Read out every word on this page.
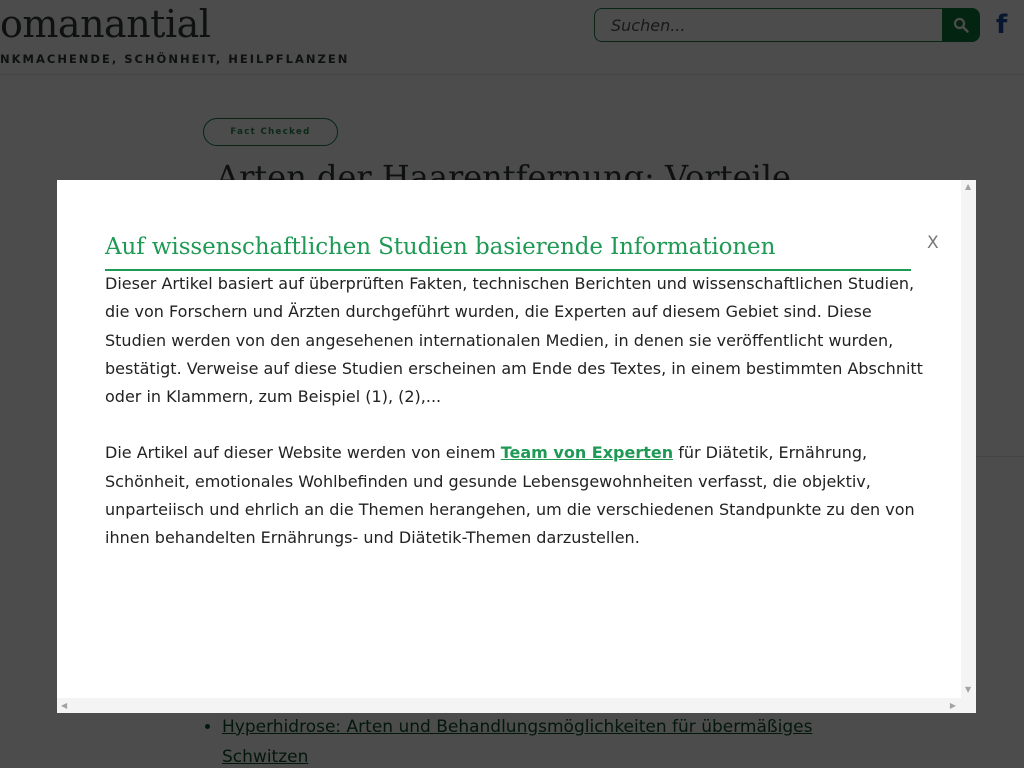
Suchen...
•
X
Auf wissenschaftlichen Studien basierende Informationen

Dieser Artikel basiert auf überprüften Fakten, technischen Berichten und wissenschaftlichen Studien, die von Forschern und Ärzten durchgeführt wurden, die Experten auf diesem Gebiet sind. Diese Studien werden von den angesehenen internationalen Medien, in denen sie veröffentlicht wurden, bestätigt. Verweise auf diese Studien erscheinen am Ende des Textes, in einem bestimmten Abschnitt oder in Klammern, zum Beispiel (1), (2),...

Die Artikel auf dieser Website werden von einem Team von Experten für Diätetik, Ernährung, Schönheit, emotionales Wohlbefinden und gesunde Lebensgewohnheiten verfasst, die objektiv, unparteiisch und ehrlich an die Themen herangehen, um die verschiedenen Standpunkte zu den von ihnen behandelten Ernährungs- und Diätetik-Themen darzustellen.

▲
▼
◀	▶
